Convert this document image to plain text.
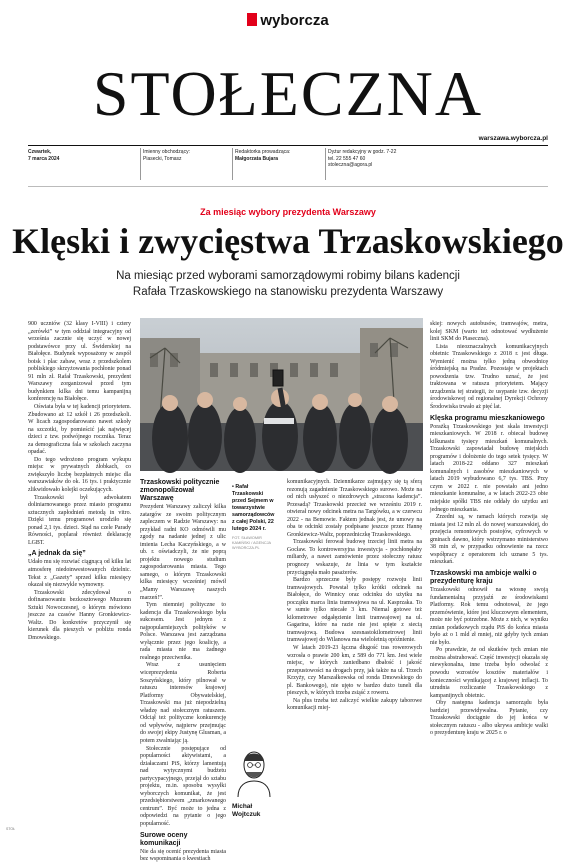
wyborcza
STOŁECZNA
warszawa.wyborcza.pl
Czwartek,
7 marca 2024
Imienny obchodzący:
Piasecki, Tomasz
Redaktorka prowadząca:
Małgorzata Bujara
Dyżur redakcyjny w godz. 7-22
tel. 22 555 47 60
stoleczna@agora.pl
Za miesiąc wybory prezydenta Warszawy
Klęski i zwycięstwa Trzaskowskiego
Na miesiąc przed wyborami samorządowymi robimy bilans kadencji Rafała Trzaskowskiego na stanowisku prezydenta Warszawy

900 uczniów (32 klasy I-VIII) i cztery „zerówki” w tym oddział integracyjny od września zacznie się uczyć w nowej podstawówce przy ul. Świderskiej na Białołęce. Budynek wyposażony w zespół boisk i plac zabaw, wraz z przedszkolem pobliskiego skrzyżowania pochłonie ponad 91 mln zł. Rafał Trzaskowski, prezydent Warszawy zorganizował przed tym budynkiem kilka dni temu kampanijną konferencję na Białołęce.

Oświata była w tej kadencji priorytetem. Zbudowano aż 12 szkół i 26 przedszkoli. W licach zagospodarowano nawet szkoły na szczotki, by pomieścić jak najwięcej dzieci z tzw. podwójnego rocznika. Teraz za demograficzna fala w szkołach zaczyna opadać.

Do tego wdrożono program wykupu miejsc w prywatnych żłobkach, co zwiększyło liczbę bezpłatnych miejsc dla warszawiaków do ok. 16 tys. i praktycznie zlikwidowało kolejki oczekujących.

Trzaskowski był adwokatem doliniarnowanego przez miasto programu sztucznych zapłodnień metodą in vitro. Dzięki temu programowi urodziło się ponad 2,1 tys. dzieci. Stąd na czele Parady Równości, poplarał również deklarację LGBT.

„A jednak da się”

Udało mu się rozwiać ciągnącą od kilku lat atmosferę niedoinwestowanych dzielnic. Tekst z „Gazety” sprzed kilku miesięcy okazał się niezwykle wymowny.

Trzaskowski zdecydował o dofinansowaniu bezkosztowego Muzeum Sztuki Nowoczesnej, o którym mówiono jeszcze za czasów Hanny Gronkiewicz-Waltz. Do konkretów przyczynił się kierunek dla pieszych w pobliżu ronda Dmowskiego.

Trzaskowski politycznie zmonopolizował Warszawę

Prezydent Warszawy zaliczył kilka zatargów ze swoim politycznym zapleczem w Radzie Warszawy: na przykład radni KO odmówili mu zgody na nadanie jednej z ulic imienia Lecha Kaczyńskiego, a w ub. r. oświadczyli, że nie poprą projektu nowego studium zagospodarowania miasta. Tego samego, o którym Trzaskowski kilka miesięcy wcześniej mówił „Mamy Warszawę naszych marzeń!”.

Tym niemniej polityczne to kadencja dla Trzaskowskiego była sukcesem. Jest jednym z najpopularniejszych polityków w Polsce. Warszawa jest zarządzana wyłącznie przez jego koalicję, a rada miasta nie ma żadnego realnego przeciwnika.

Wraz z usunięciem wiceprezydenta Roberta Soszyńskiego, który pilnował w ratuszu interesów krajowej Platformy Obywatelskiej, Trzaskowski ma już niepodzielną władzę nad stołecznym ratuszem. Odciął też polityczne konkurencję od wpływów, najpierw przejmując do swojej ekipy Justynę Glusman, a potem zwalniając ją.

Stołecznie postępujące od popularności aktywistami, a działaczami PiS, którzy lamentują nad wytycznymi budżetu partycypacyjnego, przejął do sztabu projektu, m.in. sposobu wysyłki wyborczych komunikat, że jest przedsiębiorstwem „zmarkowanego centrum”. Być może to jedna z odpowiedzi na pytanie o jego popularność.

Surowe oceny komunikacji

Nie da się ocenić prezydenta miasta bez wspominania o kwestiach

• Rafał Trzaskowski przed Sejmem w towarzystwie samorządowców z całej Polski, 22 lutego 2024 r.
FOT. SŁAWOMIR KAMIŃSKI / AGENCJA WYBORCZA.PL
Michał
Wojtczuk

komunikacyjnych. Dziennikarze zajmujący się tą sferą rezonują zagadnienie Trzaskowskiego surowo. Może na od nich usłyszeć o niezdrowych „stracona kadencja”. Przesadą? Trzaskowski przecież we wrześniu 2019 r. otwierał nowy odcinek metra na Targówku, a w czerwcu 2022 - na Bemowie. Faktem jednak jest, że umowy na oba te odcinki zostały podpisane jeszcze przez Hannę Gronkiewicz-Waltz, poprzedniczkę Trzaskowskiego.

Trzaskowski ferował budowę trzeciej linii metra na Gocław. To kontrowersyjna inwestycja - pochłonęłaby miliardy, a nawet zamówienie przez stołeczny ratusz prognozy wskazuje, że linia w tym kształcie przyciągnęła mało pasażerów.

Bardzo sprzeczne były postępy rozwoju linii tramwajowych. Powstał tylko krótki odcinek na Białołęce, do Winnicy oraz odcinku do użytku na początku marca linia tramwajowa na ul. Kasprzaka. To w sumie tylko niecałe 3 km. Niemal gotowe też kilometrowe odgałęzienie linii tramwajowej na ul. Gagarina, które na razie nie jest spięte z siecią tramwajową. Budowa szesnastokilometrowej linii tramwajowej do Wilanowa ma wieloletnią opóźnienie.

W latach 2019-23 łączna długość tras rowerowych wzrosła o prawie 200 km, z 589 do 771 km. Jest wiele miejsc, w których zaniedbano dbałość i jakość przepustowości na drogach przy, jak także na ul. Trzech Krzyży, czy Marszałkowska od ronda Dmowskiego do pl. Bankowego), nie ujęto w bardzo dużo tuneli dla pieszych, w których trzeba zsiąść z roweru.

Na plus trzeba też zaliczyć wielkie zakupy taborowe komunikacji miej-

skiej: nowych autobusów, tramwajów, metra, kolej SKM (warto też odnotować wydłużenie linii SKM do Piaseczna).

Lista nieoznaczalnych komunikacyjnych obietnic Trzaskowskiego z 2018 r. jest długa. Wymienić można tylko jedną obwodnicę śródmiejską na Pradze. Pozostaje w projektach powodzenia tzw. Trudno uznać, że jest traktowana w ratuszu priorytetem. Mający urządzenia tej strategii, że usypanie tzw. decyzji środowiskowej od regionalnej Dyrekcji Ochrony Środowiska trwało aż pięć lat.

Klęska programu mieszkaniowego

Porażką Trzaskowskiego jest skala inwestycji mieszkaniowych. W 2018 r. obiecał budowę kilkunastu tysięcy mieszkań komunalnych. Trzaskowski zapowiadał budowę miejskich programów i dołożenie do tego setek tysięcy. W latach 2018-22 oddano 327 mieszkań komunalnych i zasobów mieszkaniowych w latach 2019 wybudowano 6,7 tys. TBS. Przy czym w 2022 r. nie powstało ani jedno mieszkanie komunalne, a w latach 2022-23 obie miejskie spółki TBS nie oddały do użytku ani jednego mieszkania.

Zrzedni są, w ramach których rozwija się miasta jest 12 mln zł. do nowej warszawskiej, do przejęcia remontowych postojów, cyfrowych w gminach dawno, który wstrzymano ministerstwo 38 min zł, w przypadku odnowienie na rzecz współpracy z operatorem ich uznane 5 tys. mieszkań.

Trzaskowski ma ambicje walki o prezydenturę kraju

Trzaskowski odnowił na wiosnę swoją fundamentalną przyjaźń ze środowiskami Platformy. Rok temu odnotował, że jego przemówienie, które jest kluczowym elementem, może nie być potrzebne. Może z nich, w wyniku zmian podatkowych rządu PiS do końca miasta było aż o 1 mld zł mniej, niż gdyby tych zmian nie było.

Po prawdzie, że od skutków tych zmian nie można abstrahować. Część inwestycji okazała się niewykonalna, inne trzeba było odwołać z powodu wzrostów kosztów materiałów i konieczności wynikającej z krajowej inflacji. To utrudnia rozliczanie Trzaskowskiego z kampanijnych obietnic.

Oby następna kadencja samorządu była bardziej przewidywalna. Pytanie, czy Trzaskowski dociągnie do jej końca w stołecznym ratuszu - albo ukrywa ambicje walki o prezydenturę kraju w 2025 r. o

STOŁ
